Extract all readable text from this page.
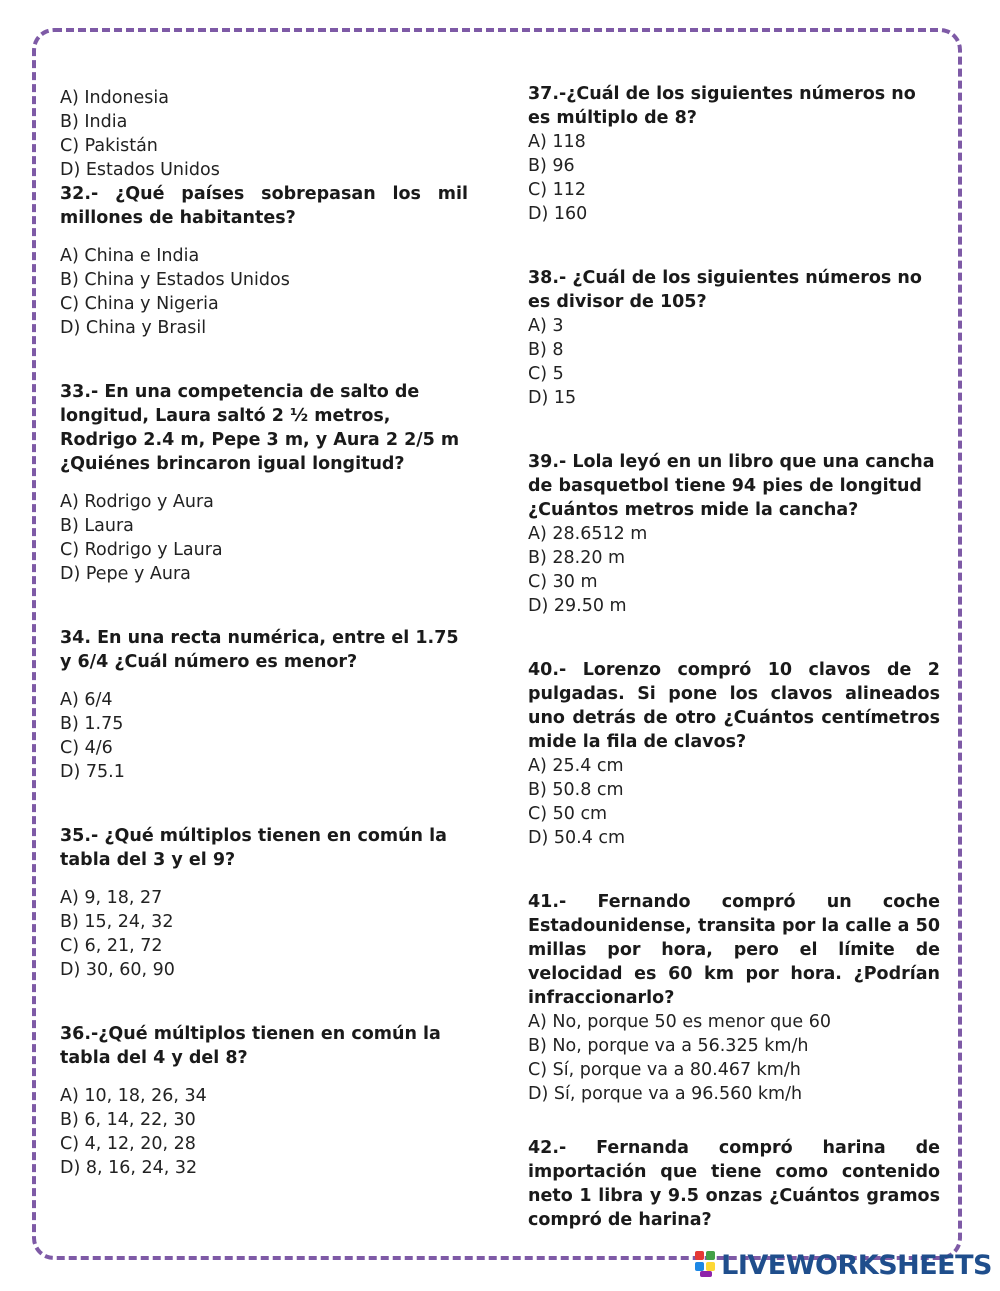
A) Indonesia
B) India
C) Pakistán
D) Estados Unidos
32.- ¿Qué países sobrepasan los mil millones de habitantes?
A) China e India
B) China y Estados Unidos
C) China y Nigeria
D) China y Brasil
33.- En una competencia de salto de longitud, Laura saltó 2 ½ metros, Rodrigo 2.4 m, Pepe 3 m, y Aura 2 2/5 m ¿Quiénes brincaron igual longitud?
A) Rodrigo y Aura
B) Laura
C) Rodrigo y Laura
D) Pepe y Aura
34. En una recta numérica, entre el 1.75 y 6/4 ¿Cuál número es menor?
A) 6/4
B) 1.75
C) 4/6
D) 75.1
35.- ¿Qué múltiplos tienen en común la tabla del 3 y el 9?
A) 9, 18, 27
B) 15, 24, 32
C) 6, 21, 72
D) 30, 60, 90
36.-¿Qué múltiplos tienen en común la tabla del 4 y del 8?
A) 10, 18, 26, 34
B) 6, 14, 22, 30
C) 4, 12, 20, 28
D) 8, 16, 24, 32
37.-¿Cuál de los siguientes números no es múltiplo de 8?
A) 118
B) 96
C) 112
D) 160
38.- ¿Cuál de los siguientes números no es divisor de 105?
A) 3
B) 8
C) 5
D) 15
39.- Lola leyó en un libro que una cancha de basquetbol tiene 94 pies de longitud ¿Cuántos metros mide la cancha?
A) 28.6512 m
B) 28.20 m
C) 30 m
D) 29.50 m
40.- Lorenzo compró 10 clavos de 2 pulgadas. Si pone los clavos alineados uno detrás de otro ¿Cuántos centímetros mide la fila de clavos?
A) 25.4 cm
B) 50.8 cm
C) 50 cm
D) 50.4 cm
41.- Fernando compró un coche Estadounidense, transita por la calle a 50 millas por hora, pero el límite de velocidad es 60 km por hora. ¿Podrían infraccionarlo?
A) No, porque 50 es menor que 60
B) No, porque va a 56.325 km/h
C) Sí, porque va a 80.467 km/h
D) Sí, porque va a 96.560 km/h
42.- Fernanda compró harina de importación que tiene como contenido neto 1 libra y 9.5 onzas ¿Cuántos gramos compró de harina?
LIVEWORKSHEETS
